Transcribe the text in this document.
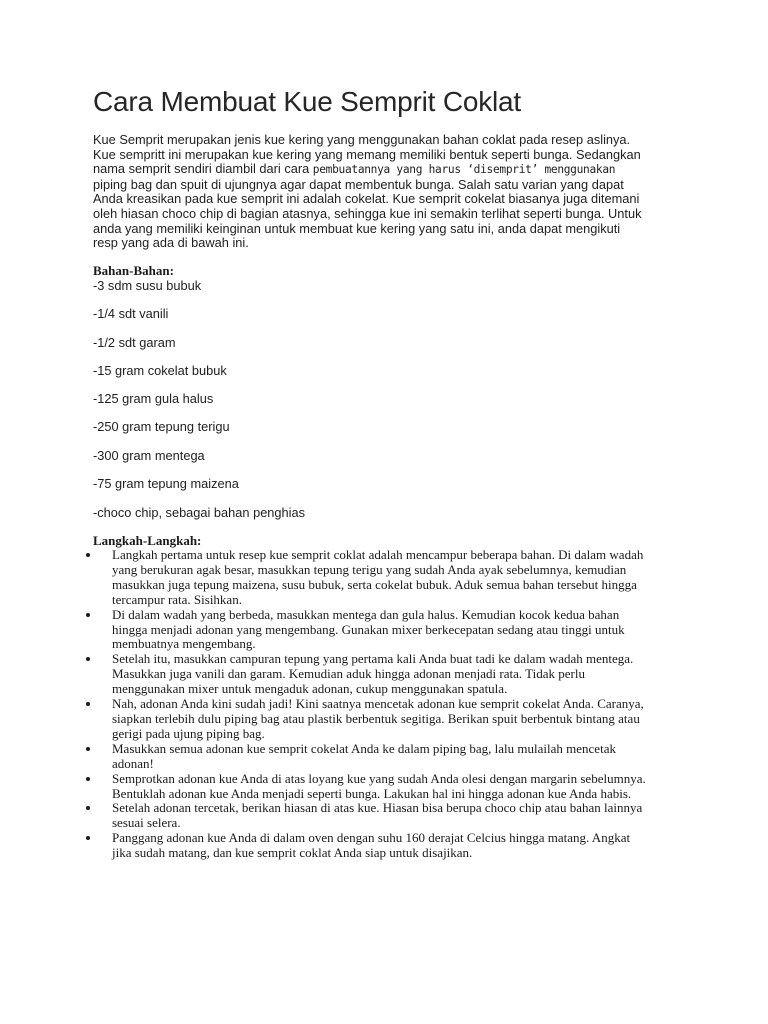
Cara Membuat Kue Semprit Coklat

Kue Semprit merupakan jenis kue kering yang menggunakan bahan coklat pada resep aslinya.
Kue sempritt ini merupakan kue kering yang memang memiliki bentuk seperti bunga. Sedangkan
nama semprit sendiri diambil dari cara pembuatannya yang harus ‘disemprit’ menggunakan
piping bag dan spuit di ujungnya agar dapat membentuk bunga. Salah satu varian yang dapat
Anda kreasikan pada kue semprit ini adalah cokelat. Kue semprit cokelat biasanya juga ditemani
oleh hiasan choco chip di bagian atasnya, sehingga kue ini semakin terlihat seperti bunga. Untuk
anda yang memiliki keinginan untuk membuat kue kering yang satu ini, anda dapat mengikuti
resp yang ada di bawah ini.

Bahan-Bahan:
-3 sdm susu bubuk
-1/4 sdt vanili
-1/2 sdt garam
-15 gram cokelat bubuk
-125 gram gula halus
-250 gram tepung terigu
-300 gram mentega
-75 gram tepung maizena
-choco chip, sebagai bahan penghias
Langkah-Langkah:
Langkah pertama untuk resep kue semprit coklat adalah mencampur beberapa bahan. Di dalam wadah
yang berukuran agak besar, masukkan tepung terigu yang sudah Anda ayak sebelumnya, kemudian
masukkan juga tepung maizena, susu bubuk, serta cokelat bubuk. Aduk semua bahan tersebut hingga
tercampur rata. Sisihkan.
Di dalam wadah yang berbeda, masukkan mentega dan gula halus. Kemudian kocok kedua bahan
hingga menjadi adonan yang mengembang. Gunakan mixer berkecepatan sedang atau tinggi untuk
membuatnya mengembang.
Setelah itu, masukkan campuran tepung yang pertama kali Anda buat tadi ke dalam wadah mentega.
Masukkan juga vanili dan garam. Kemudian aduk hingga adonan menjadi rata. Tidak perlu
menggunakan mixer untuk mengaduk adonan, cukup menggunakan spatula.
Nah, adonan Anda kini sudah jadi! Kini saatnya mencetak adonan kue semprit cokelat Anda. Caranya,
siapkan terlebih dulu piping bag atau plastik berbentuk segitiga. Berikan spuit berbentuk bintang atau
gerigi pada ujung piping bag.
Masukkan semua adonan kue semprit cokelat Anda ke dalam piping bag, lalu mulailah mencetak
adonan!
Semprotkan adonan kue Anda di atas loyang kue yang sudah Anda olesi dengan margarin sebelumnya.
Bentuklah adonan kue Anda menjadi seperti bunga. Lakukan hal ini hingga adonan kue Anda habis.
Setelah adonan tercetak, berikan hiasan di atas kue. Hiasan bisa berupa choco chip atau bahan lainnya
sesuai selera.
Panggang adonan kue Anda di dalam oven dengan suhu 160 derajat Celcius hingga matang. Angkat
jika sudah matang, dan kue semprit coklat Anda siap untuk disajikan.
